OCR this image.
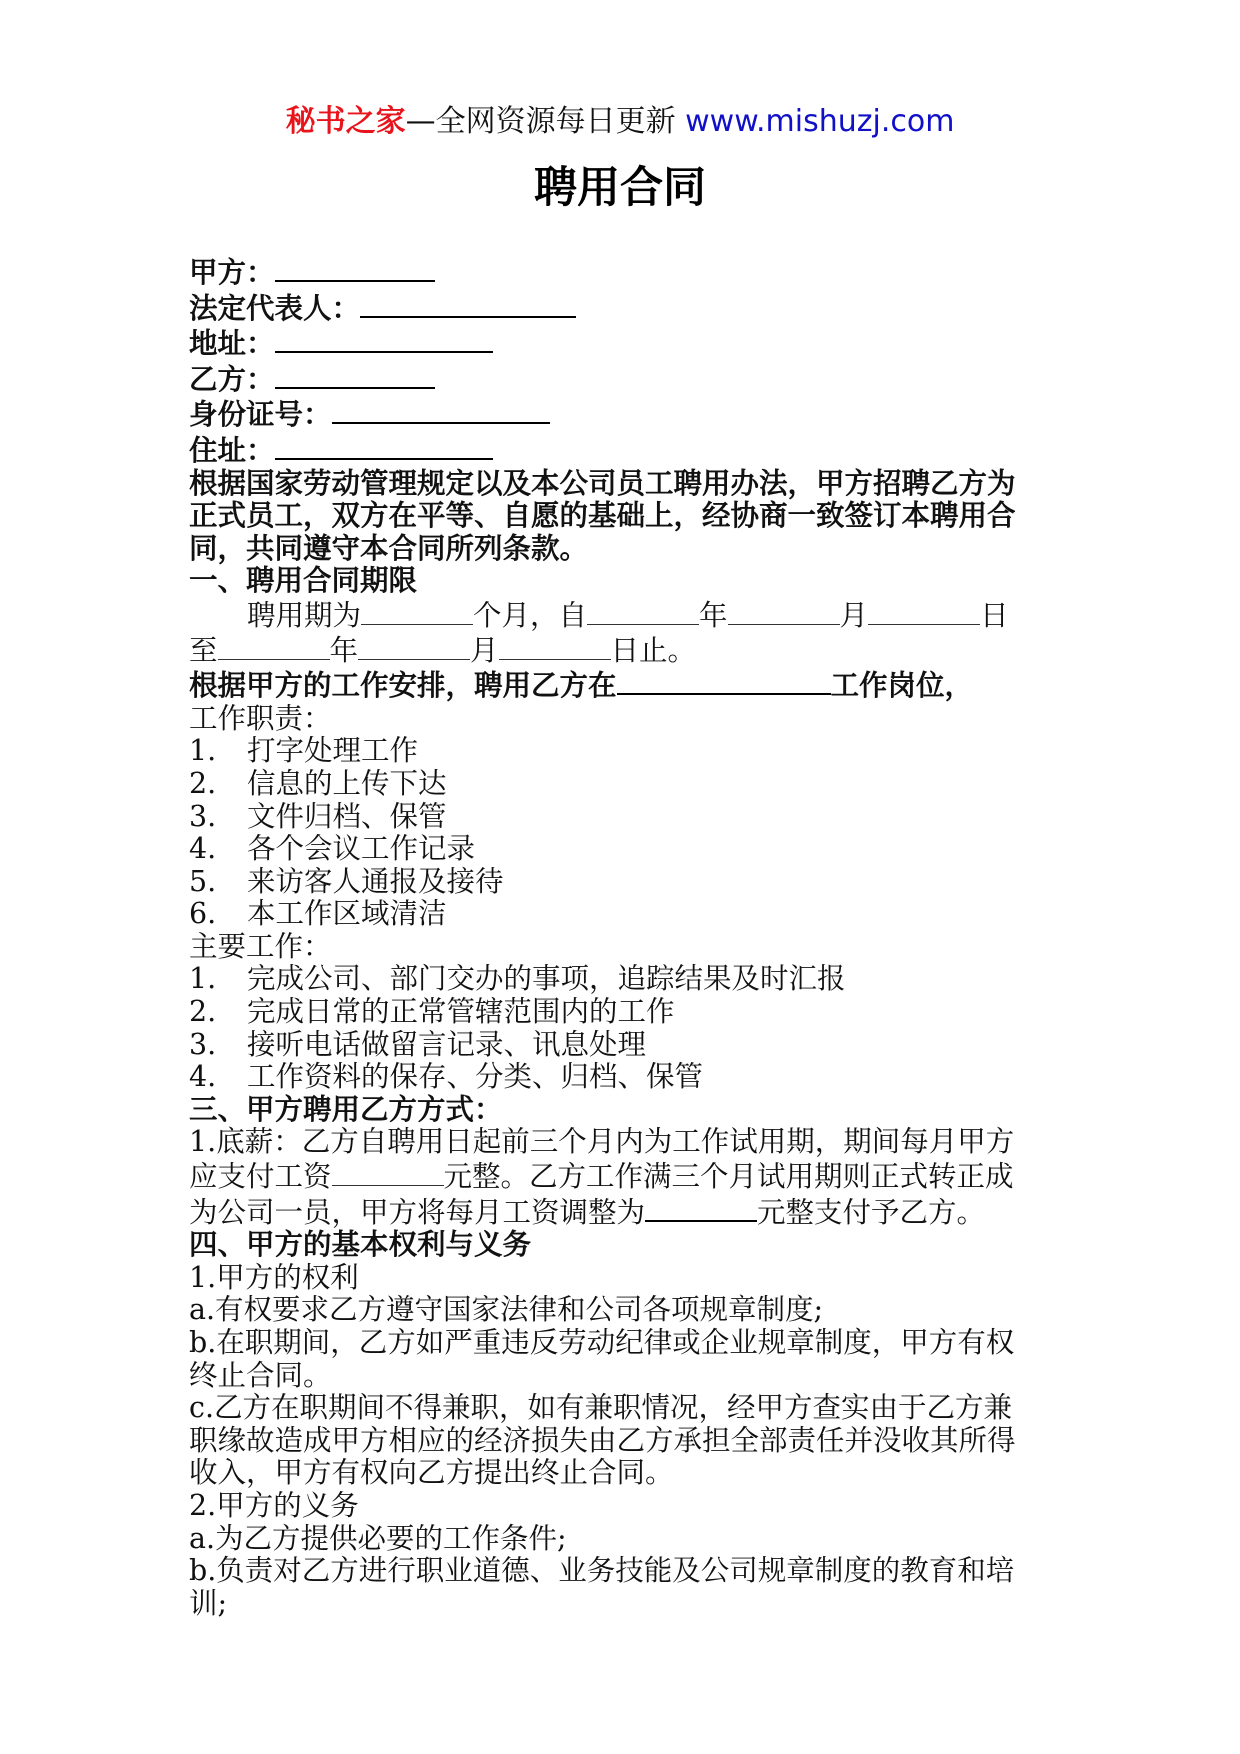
秘书之家—全网资源每日更新 www.mishuzj.com
聘用合同
甲方：
法定代表人：
地址：
乙方：
身份证号：
住址：
根据国家劳动管理规定以及本公司员工聘用办法，甲方招聘乙方为
正式员工，双方在平等、自愿的基础上，经协商一致签订本聘用合
同，共同遵守本合同所列条款。
一、聘用合同期限
聘用期为	个月，自	年	月	日
至	年	月	日止。
根据甲方的工作安排，聘用乙方在	工作岗位，
工作职责：
1. 打字处理工作
2. 信息的上传下达
3. 文件归档、保管
4. 各个会议工作记录
5. 来访客人通报及接待
6. 本工作区域清洁
主要工作：
1. 完成公司、部门交办的事项，追踪结果及时汇报
2. 完成日常的正常管辖范围内的工作
3. 接听电话做留言记录、讯息处理
4. 工作资料的保存、分类、归档、保管
三、甲方聘用乙方方式：
1.底薪：乙方自聘用日起前三个月内为工作试用期，期间每月甲方
应支付工资	元整。乙方工作满三个月试用期则正式转正成
为公司一员，甲方将每月工资调整为	元整支付予乙方。
四、甲方的基本权利与义务
1.甲方的权利
a.有权要求乙方遵守国家法律和公司各项规章制度;
b.在职期间，乙方如严重违反劳动纪律或企业规章制度，甲方有权
终止合同。
c.乙方在职期间不得兼职，如有兼职情况，经甲方查实由于乙方兼
职缘故造成甲方相应的经济损失由乙方承担全部责任并没收其所得
收入，甲方有权向乙方提出终止合同。
2.甲方的义务
a.为乙方提供必要的工作条件;
b.负责对乙方进行职业道德、业务技能及公司规章制度的教育和培
训;
